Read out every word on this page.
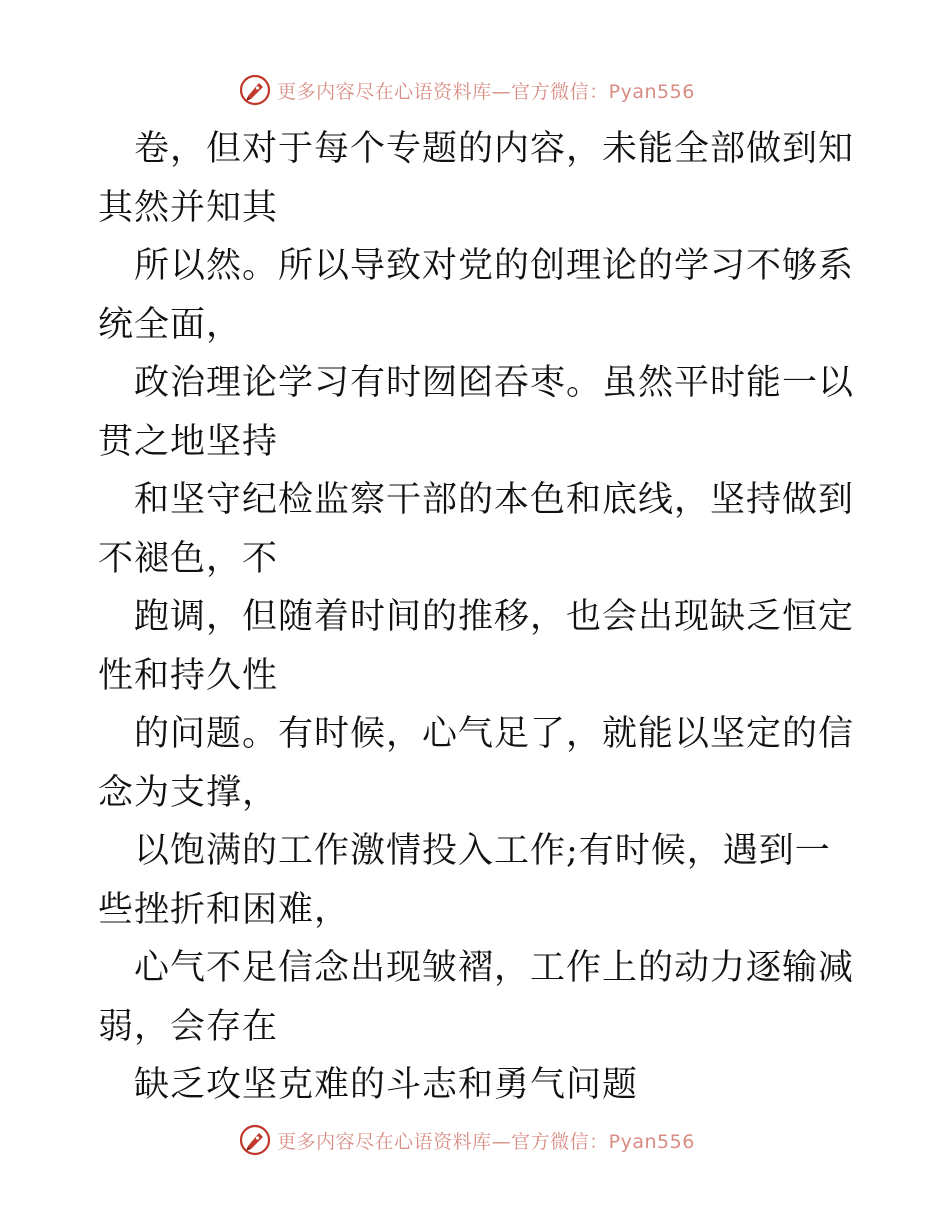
更多内容尽在心语资料库—官方微信：Pyan556

卷，但对于每个专题的内容，未能全部做到知其然并知其

所以然。所以导致对党的创理论的学习不够系统全面，

政治理论学习有时囫囵吞枣。虽然平时能一以贯之地坚持

和坚守纪检监察干部的本色和底线，坚持做到不褪色，不

跑调，但随着时间的推移，也会出现缺乏恒定性和持久性

的问题。有时候，心气足了，就能以坚定的信念为支撑，

以饱满的工作激情投入工作;有时候，遇到一些挫折和困难，

心气不足信念出现皱褶，工作上的动力逐输减弱，会存在

缺乏攻坚克难的斗志和勇气问题

更多内容尽在心语资料库—官方微信：Pyan556
